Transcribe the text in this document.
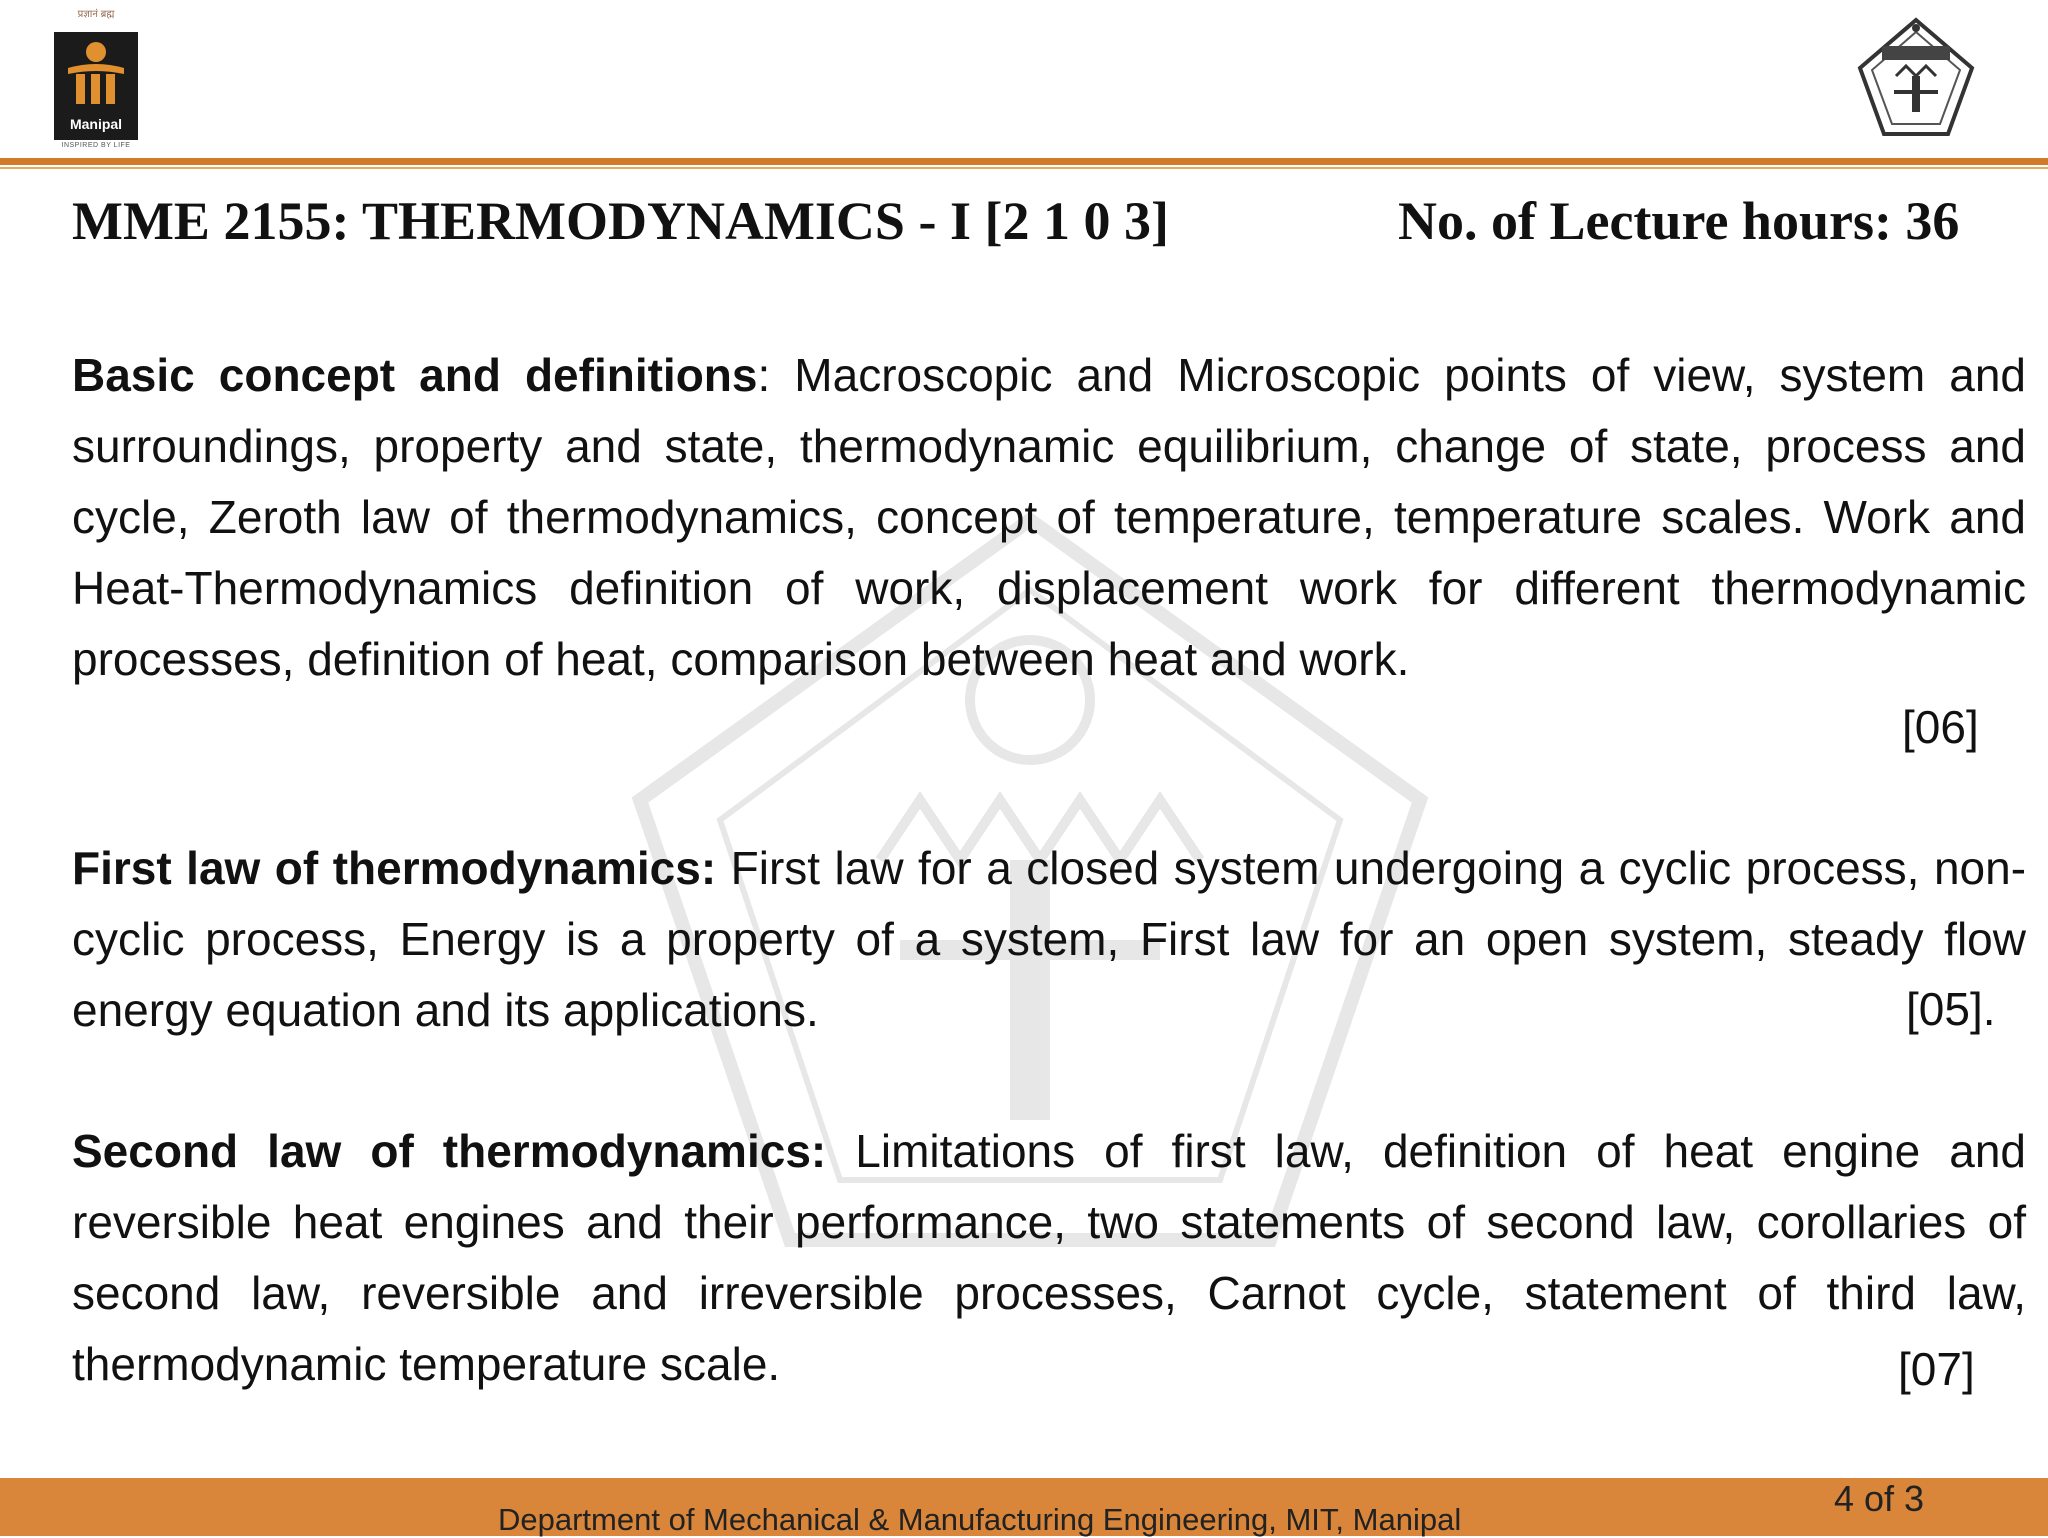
प्रज्ञानं ब्रह्म
Manipal
INSPIRED BY LIFE
MME 2155: THERMODYNAMICS - I [2 1 0 3]	No. of Lecture hours: 36
Basic concept and definitions: Macroscopic and Microscopic points of view, system and surroundings, property and state, thermodynamic equilibrium, change of state, process and cycle, Zeroth law of thermodynamics, concept of temperature, temperature scales. Work and Heat-Thermodynamics definition of work, displacement work for different thermodynamic processes, definition of heat, comparison between heat and work.
[06]
First law of thermodynamics: First law for a closed system undergoing a cyclic process, non-cyclic process, Energy is a property of a system, First law for an open system, steady flow energy equation and its applications.	[05].
Second law of thermodynamics: Limitations of first law, definition of heat engine and reversible heat engines and their performance, two statements of second law, corollaries of second law, reversible and irreversible processes, Carnot cycle, statement of third law, thermodynamic temperature scale.	[07]
Department of Mechanical & Manufacturing Engineering, MIT, Manipal
4 of 3
